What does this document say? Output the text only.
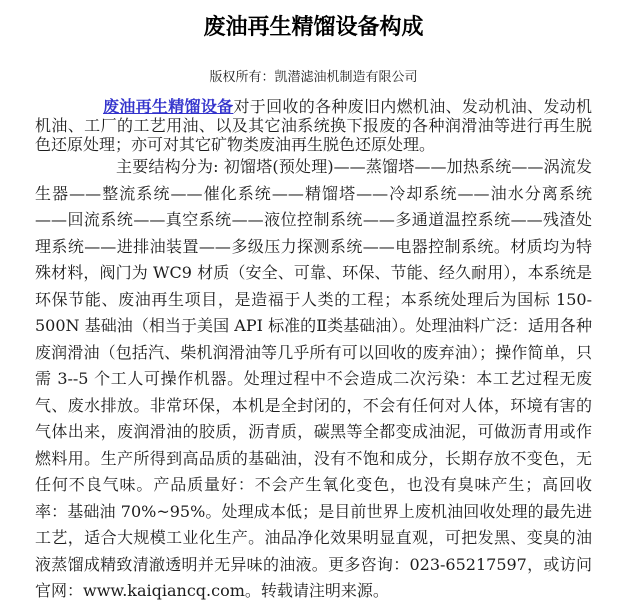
废油再生精馏设备构成
版权所有：凯潜滤油机制造有限公司

废油再生精馏设备对于回收的各种废旧内燃机油、发动机油、发动机机油、工厂的工艺用油、以及其它油系统换下报废的各种润滑油等进行再生脱色还原处理；亦可对其它矿物类废油再生脱色还原处理。

主要结构分为: 初馏塔(预处理)——蒸馏塔——加热系统——涡流发生器——整流系统——催化系统——精馏塔——冷却系统——油水分离系统——回流系统——真空系统——液位控制系统——多通道温控系统——残渣处理系统——进排油装置——多级压力探测系统——电器控制系统。材质均为特殊材料，阀门为 WC9 材质（安全、可靠、环保、节能、经久耐用），本系统是环保节能、废油再生项目，是造福于人类的工程；本系统处理后为国标 150-500N 基础油（相当于美国 API 标准的Ⅱ类基础油）。处理油料广泛：适用各种废润滑油（包括汽、柴机润滑油等几乎所有可以回收的废弃油）；操作简单，只需 3--5 个工人可操作机器。处理过程中不会造成二次污染：本工艺过程无废气、废水排放。非常环保，本机是全封闭的，不会有任何对人体，环境有害的气体出来，废润滑油的胶质，沥青质，碳黑等全都变成油泥，可做沥青用或作燃料用。生产所得到高品质的基础油，没有不饱和成分，长期存放不变色，无任何不良气味。产品质量好：不会产生氧化变色，也没有臭味产生；高回收率：基础油 70%~95%。处理成本低；是目前世界上废机油回收处理的最先进工艺，适合大规模工业化生产。油品净化效果明显直观，可把发黑、变臭的油液蒸馏成精致清澈透明并无异味的油液。更多咨询：023-65217597，或访问官网：www.kaiqiancq.com。转载请注明来源。
